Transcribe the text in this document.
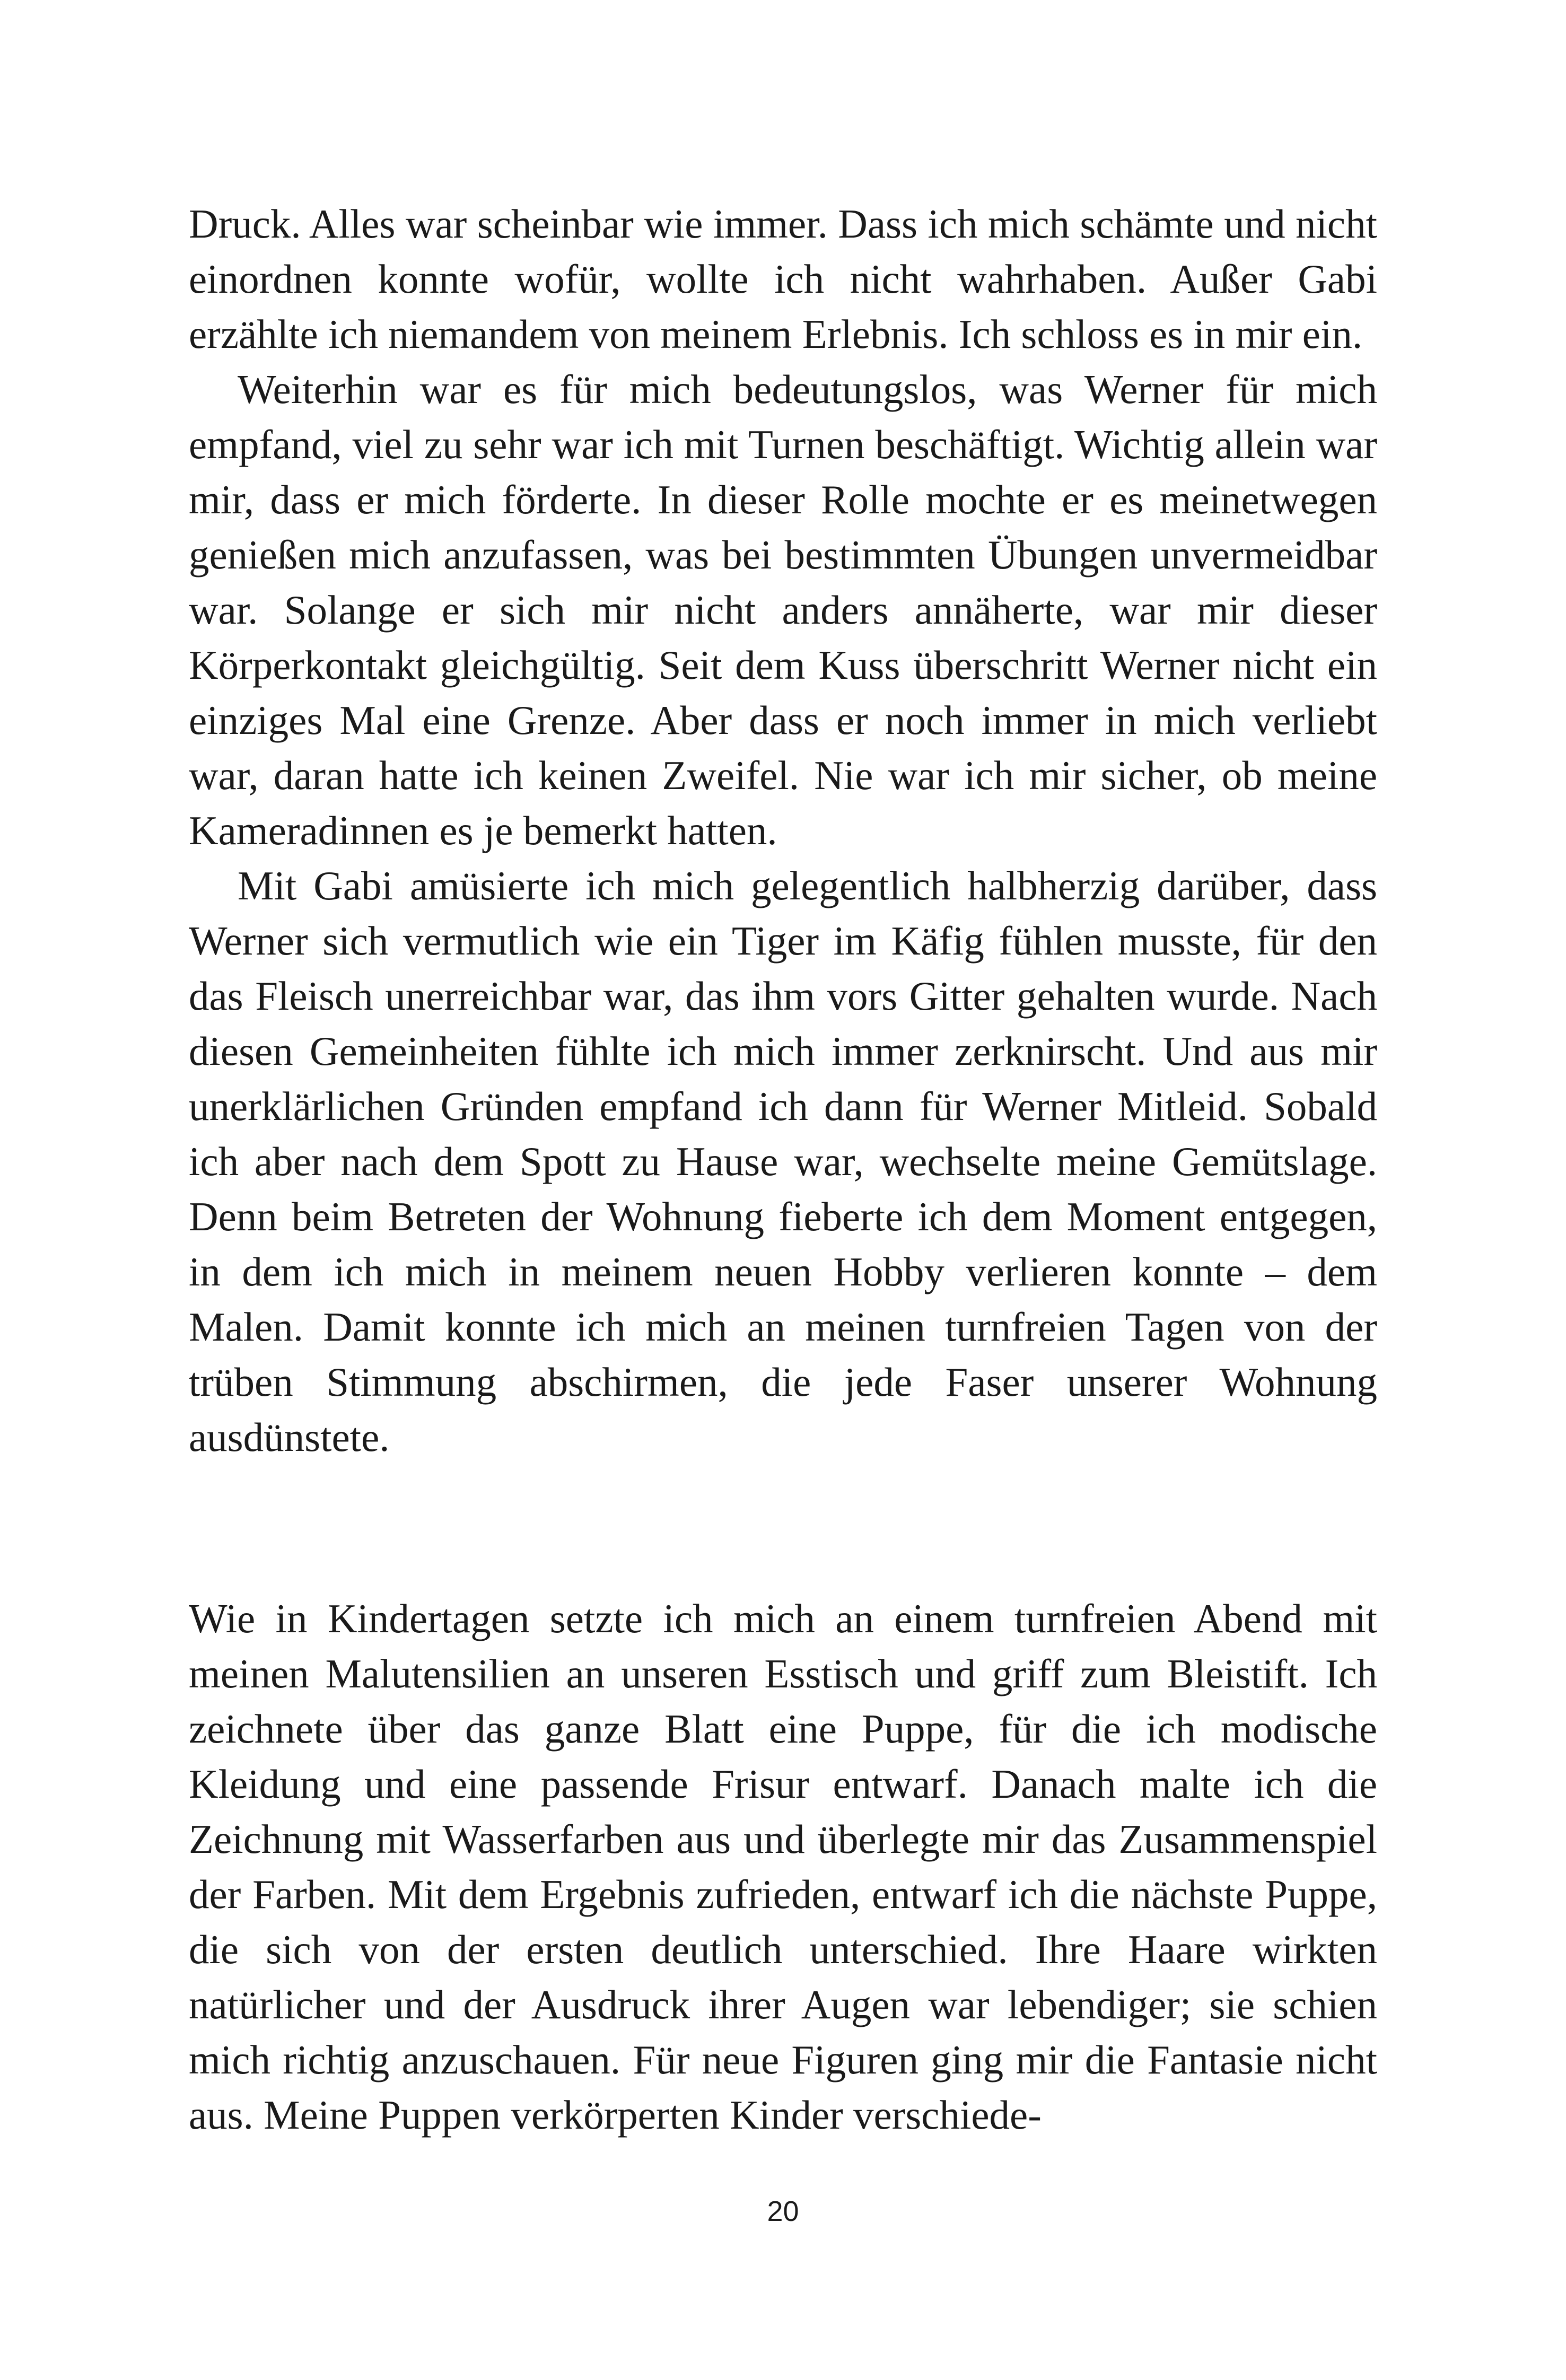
Druck. Alles war scheinbar wie immer. Dass ich mich schämte und nicht einordnen konnte wofür, wollte ich nicht wahrhaben. Außer Gabi erzählte ich niemandem von meinem Erlebnis. Ich schloss es in mir ein.

Weiterhin war es für mich bedeutungslos, was Werner für mich empfand, viel zu sehr war ich mit Turnen beschäftigt. Wichtig allein war mir, dass er mich förderte. In dieser Rolle mochte er es meinetwegen genießen mich anzufassen, was bei bestimmten Übungen unvermeidbar war. Solange er sich mir nicht anders annäherte, war mir dieser Körperkontakt gleichgültig. Seit dem Kuss überschritt Werner nicht ein einziges Mal eine Grenze. Aber dass er noch immer in mich verliebt war, daran hatte ich keinen Zweifel. Nie war ich mir sicher, ob meine Kameradinnen es je bemerkt hatten.

Mit Gabi amüsierte ich mich gelegentlich halbherzig darüber, dass Werner sich vermutlich wie ein Tiger im Käfig fühlen musste, für den das Fleisch unerreichbar war, das ihm vors Gitter gehalten wurde. Nach diesen Gemeinheiten fühlte ich mich immer zerknirscht. Und aus mir unerklärlichen Gründen empfand ich dann für Werner Mitleid. Sobald ich aber nach dem Spott zu Hause war, wechselte meine Gemütslage. Denn beim Betreten der Wohnung fieberte ich dem Moment entgegen, in dem ich mich in meinem neuen Hobby verlieren konnte – dem Malen. Damit konnte ich mich an meinen turnfreien Tagen von der trüben Stimmung abschirmen, die jede Faser unserer Wohnung ausdünstete.

Wie in Kindertagen setzte ich mich an einem turnfreien Abend mit meinen Malutensilien an unseren Esstisch und griff zum Bleistift. Ich zeichnete über das ganze Blatt eine Puppe, für die ich modische Kleidung und eine passende Frisur entwarf. Danach malte ich die Zeichnung mit Wasserfarben aus und überlegte mir das Zusammenspiel der Farben. Mit dem Ergebnis zufrieden, entwarf ich die nächste Puppe, die sich von der ersten deutlich unterschied. Ihre Haare wirkten natürlicher und der Ausdruck ihrer Augen war lebendiger; sie schien mich richtig anzuschauen. Für neue Figuren ging mir die Fantasie nicht aus. Meine Puppen verkörperten Kinder verschiede-

20
